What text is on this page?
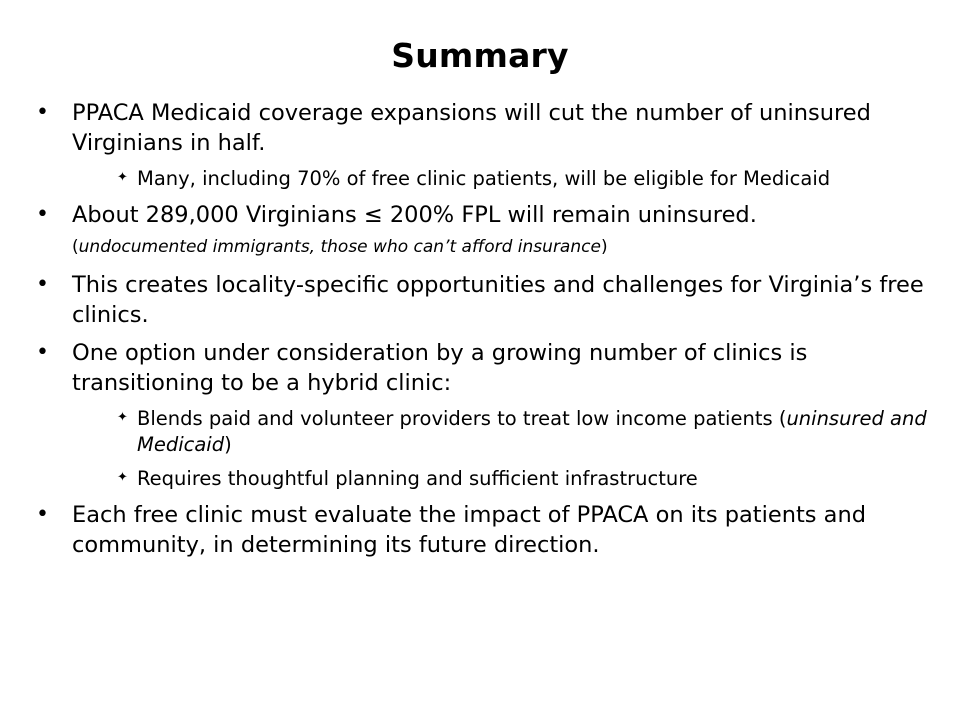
Summary
• PPACA Medicaid coverage expansions will cut the number of uninsured Virginians in half.
✦ Many, including 70% of free clinic patients, will be eligible for Medicaid
• About 289,000 Virginians ≤ 200% FPL will remain uninsured.
(undocumented immigrants, those who can’t afford insurance)
• This creates locality-specific opportunities and challenges for Virginia’s free clinics.
• One option under consideration by a growing number of clinics is transitioning to be a hybrid clinic:
✦ Blends paid and volunteer providers to treat low income patients (uninsured and Medicaid)
✦ Requires thoughtful planning and sufficient infrastructure
• Each free clinic must evaluate the impact of PPACA on its patients and community, in determining its future direction.
